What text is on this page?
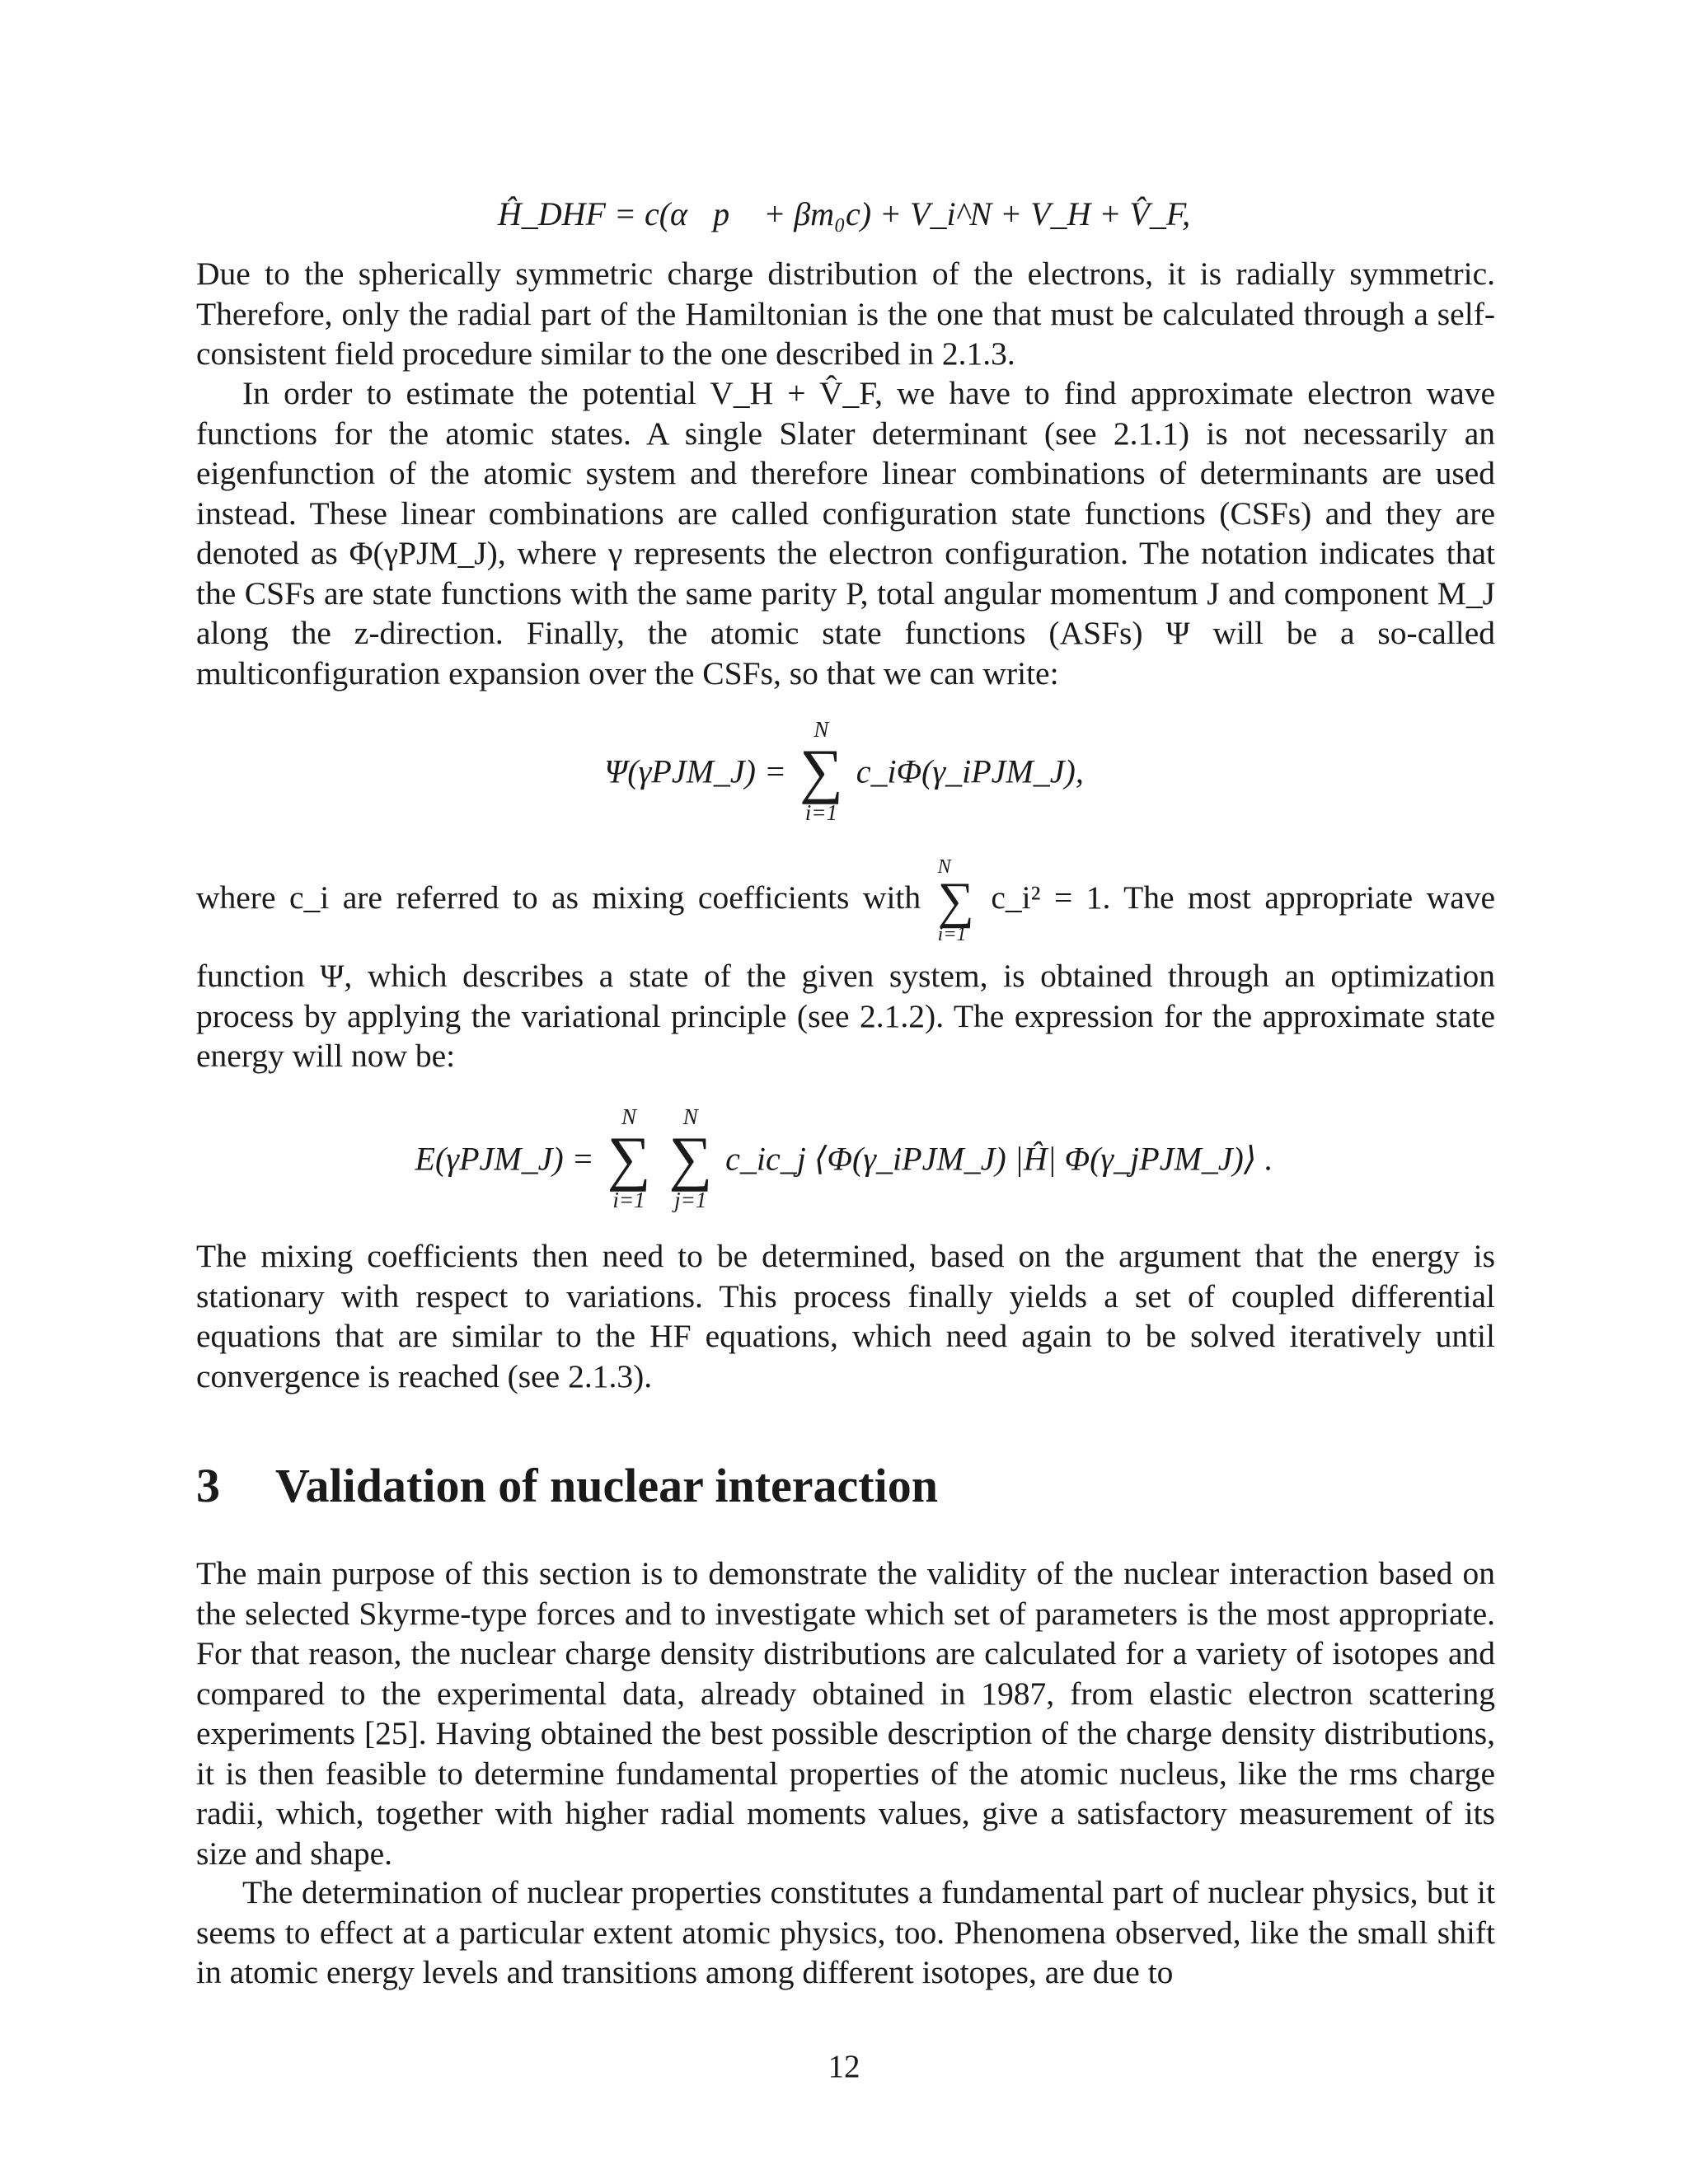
Ĥ_DHF = c(α⃗p⃗ + βm₀c) + V_i^N + V_H + V̂_F,

Due to the spherically symmetric charge distribution of the electrons, it is radially symmetric. Therefore, only the radial part of the Hamiltonian is the one that must be calculated through a self-consistent field procedure similar to the one described in 2.1.3.

In order to estimate the potential V_H + V̂_F, we have to find approximate electron wave functions for the atomic states. A single Slater determinant (see 2.1.1) is not necessarily an eigenfunction of the atomic system and therefore linear combinations of determinants are used instead. These linear combinations are called configuration state functions (CSFs) and they are denoted as Φ(γPJM_J), where γ represents the electron configuration. The notation indicates that the CSFs are state functions with the same parity P, total angular momentum J and component M_J along the z-direction. Finally, the atomic state functions (ASFs) Ψ will be a so-called multiconfiguration expansion over the CSFs, so that we can write:

Ψ(γPJM_J) =
N
∑
i=1
c_iΦ(γ_iPJM_J),
where c_i are referred to as mixing coefficients with
N
∑
i=1
c_i² = 1. The most appropriate wave

function Ψ, which describes a state of the given system, is obtained through an optimization process by applying the variational principle (see 2.1.2). The expression for the approximate state energy will now be:

E(γPJM_J) =
N
∑
i=1

N
∑
j=1
c_ic_j ⟨Φ(γ_iPJM_J) |Ĥ| Φ(γ_jPJM_J)⟩ .

The mixing coefficients then need to be determined, based on the argument that the energy is stationary with respect to variations. This process finally yields a set of coupled differential equations that are similar to the HF equations, which need again to be solved iteratively until convergence is reached (see 2.1.3).

3 Validation of nuclear interaction

The main purpose of this section is to demonstrate the validity of the nuclear interaction based on the selected Skyrme-type forces and to investigate which set of parameters is the most appropriate. For that reason, the nuclear charge density distributions are calculated for a variety of isotopes and compared to the experimental data, already obtained in 1987, from elastic electron scattering experiments [25]. Having obtained the best possible description of the charge density distributions, it is then feasible to determine fundamental properties of the atomic nucleus, like the rms charge radii, which, together with higher radial moments values, give a satisfactory measurement of its size and shape.

The determination of nuclear properties constitutes a fundamental part of nuclear physics, but it seems to effect at a particular extent atomic physics, too. Phenomena observed, like the small shift in atomic energy levels and transitions among different isotopes, are due to

12
